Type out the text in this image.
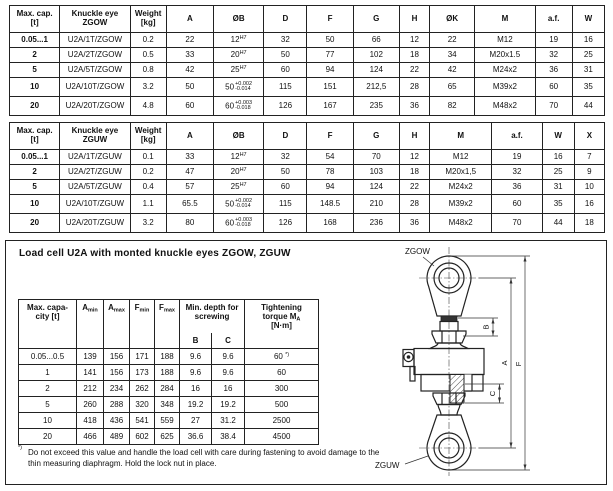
Max. cap.
[t]	Knuckle eye
ZGOW	Weight
[kg]	A	ØB	D	F	G	H	ØK	M	a.f.	W
0.05...1	U2A/1T/ZGOW	0.2	22	$12^{H7}$	32	50	66	12	22	M12	19	16
2	U2A/2T/ZGOW	0.5	33	$20^{H7}$	50	77	102	18	34	M20x1.5	32	25
5	U2A/5T/ZGOW	0.8	42	$25^{H7}$	60	94	124	22	42	M24x2	36	31
10	U2A/10T/ZGOW	3.2	50	50 +0.002
-0.014	115	151	212,5	28	65	M39x2	60	35
20	U2A/20T/ZGOW	4.8	60	60 +0.003
-0.018	126	167	235	36	82	M48x2	70	44
Max. cap.
[t]	Knuckle eye
ZGUW	Weight
[kg]	A	ØB	D	F	G	H	M	a.f.	W	X
0.05...1	U2A/1T/ZGUW	0.1	33	$12^{H7}$	32	54	70	12	M12	19	16	7
2	U2A/2T/ZGUW	0.2	47	$20^{H7}$	50	78	103	18	M20x1,5	32	25	9
5	U2A/5T/ZGUW	0.4	57	$25^{H7}$	60	94	124	22	M24x2	36	31	10
10	U2A/10T/ZGUW	1.1	65.5	50 +0.002
-0.014	115	148.5	210	28	M39x2	60	35	16
20	U2A/20T/ZGUW	3.2	80	60 +0.003
-0.018	126	168	236	36	M48x2	70	44	18
Load cell U2A with monted knuckle eyes ZGOW, ZGUW
Max. capa-
city [t]	$A_{min}$	$A_{max}$	$F_{min}$	$F_{max}$	Min. depth for
screwing		Tightening
torque $M_A$
[N·m]
					B	C	
0.05...0.5	139	156	171	188	9.6	9.6	60 *)
1	141	156	173	188	9.6	9.6	60
2	212	234	262	284	16	16	300
5	260	288	320	348	19.2	19.2	500
10	418	436	541	559	27	31.2	2500
20	466	489	602	625	36.6	38.4	4500
*) Do not exceed this value and handle the load cell with care during fastening to avoid damage to the thin measuring diaphragm. Hold the lock nut in place.
ZGOW
ZGUW
B
C
A F
